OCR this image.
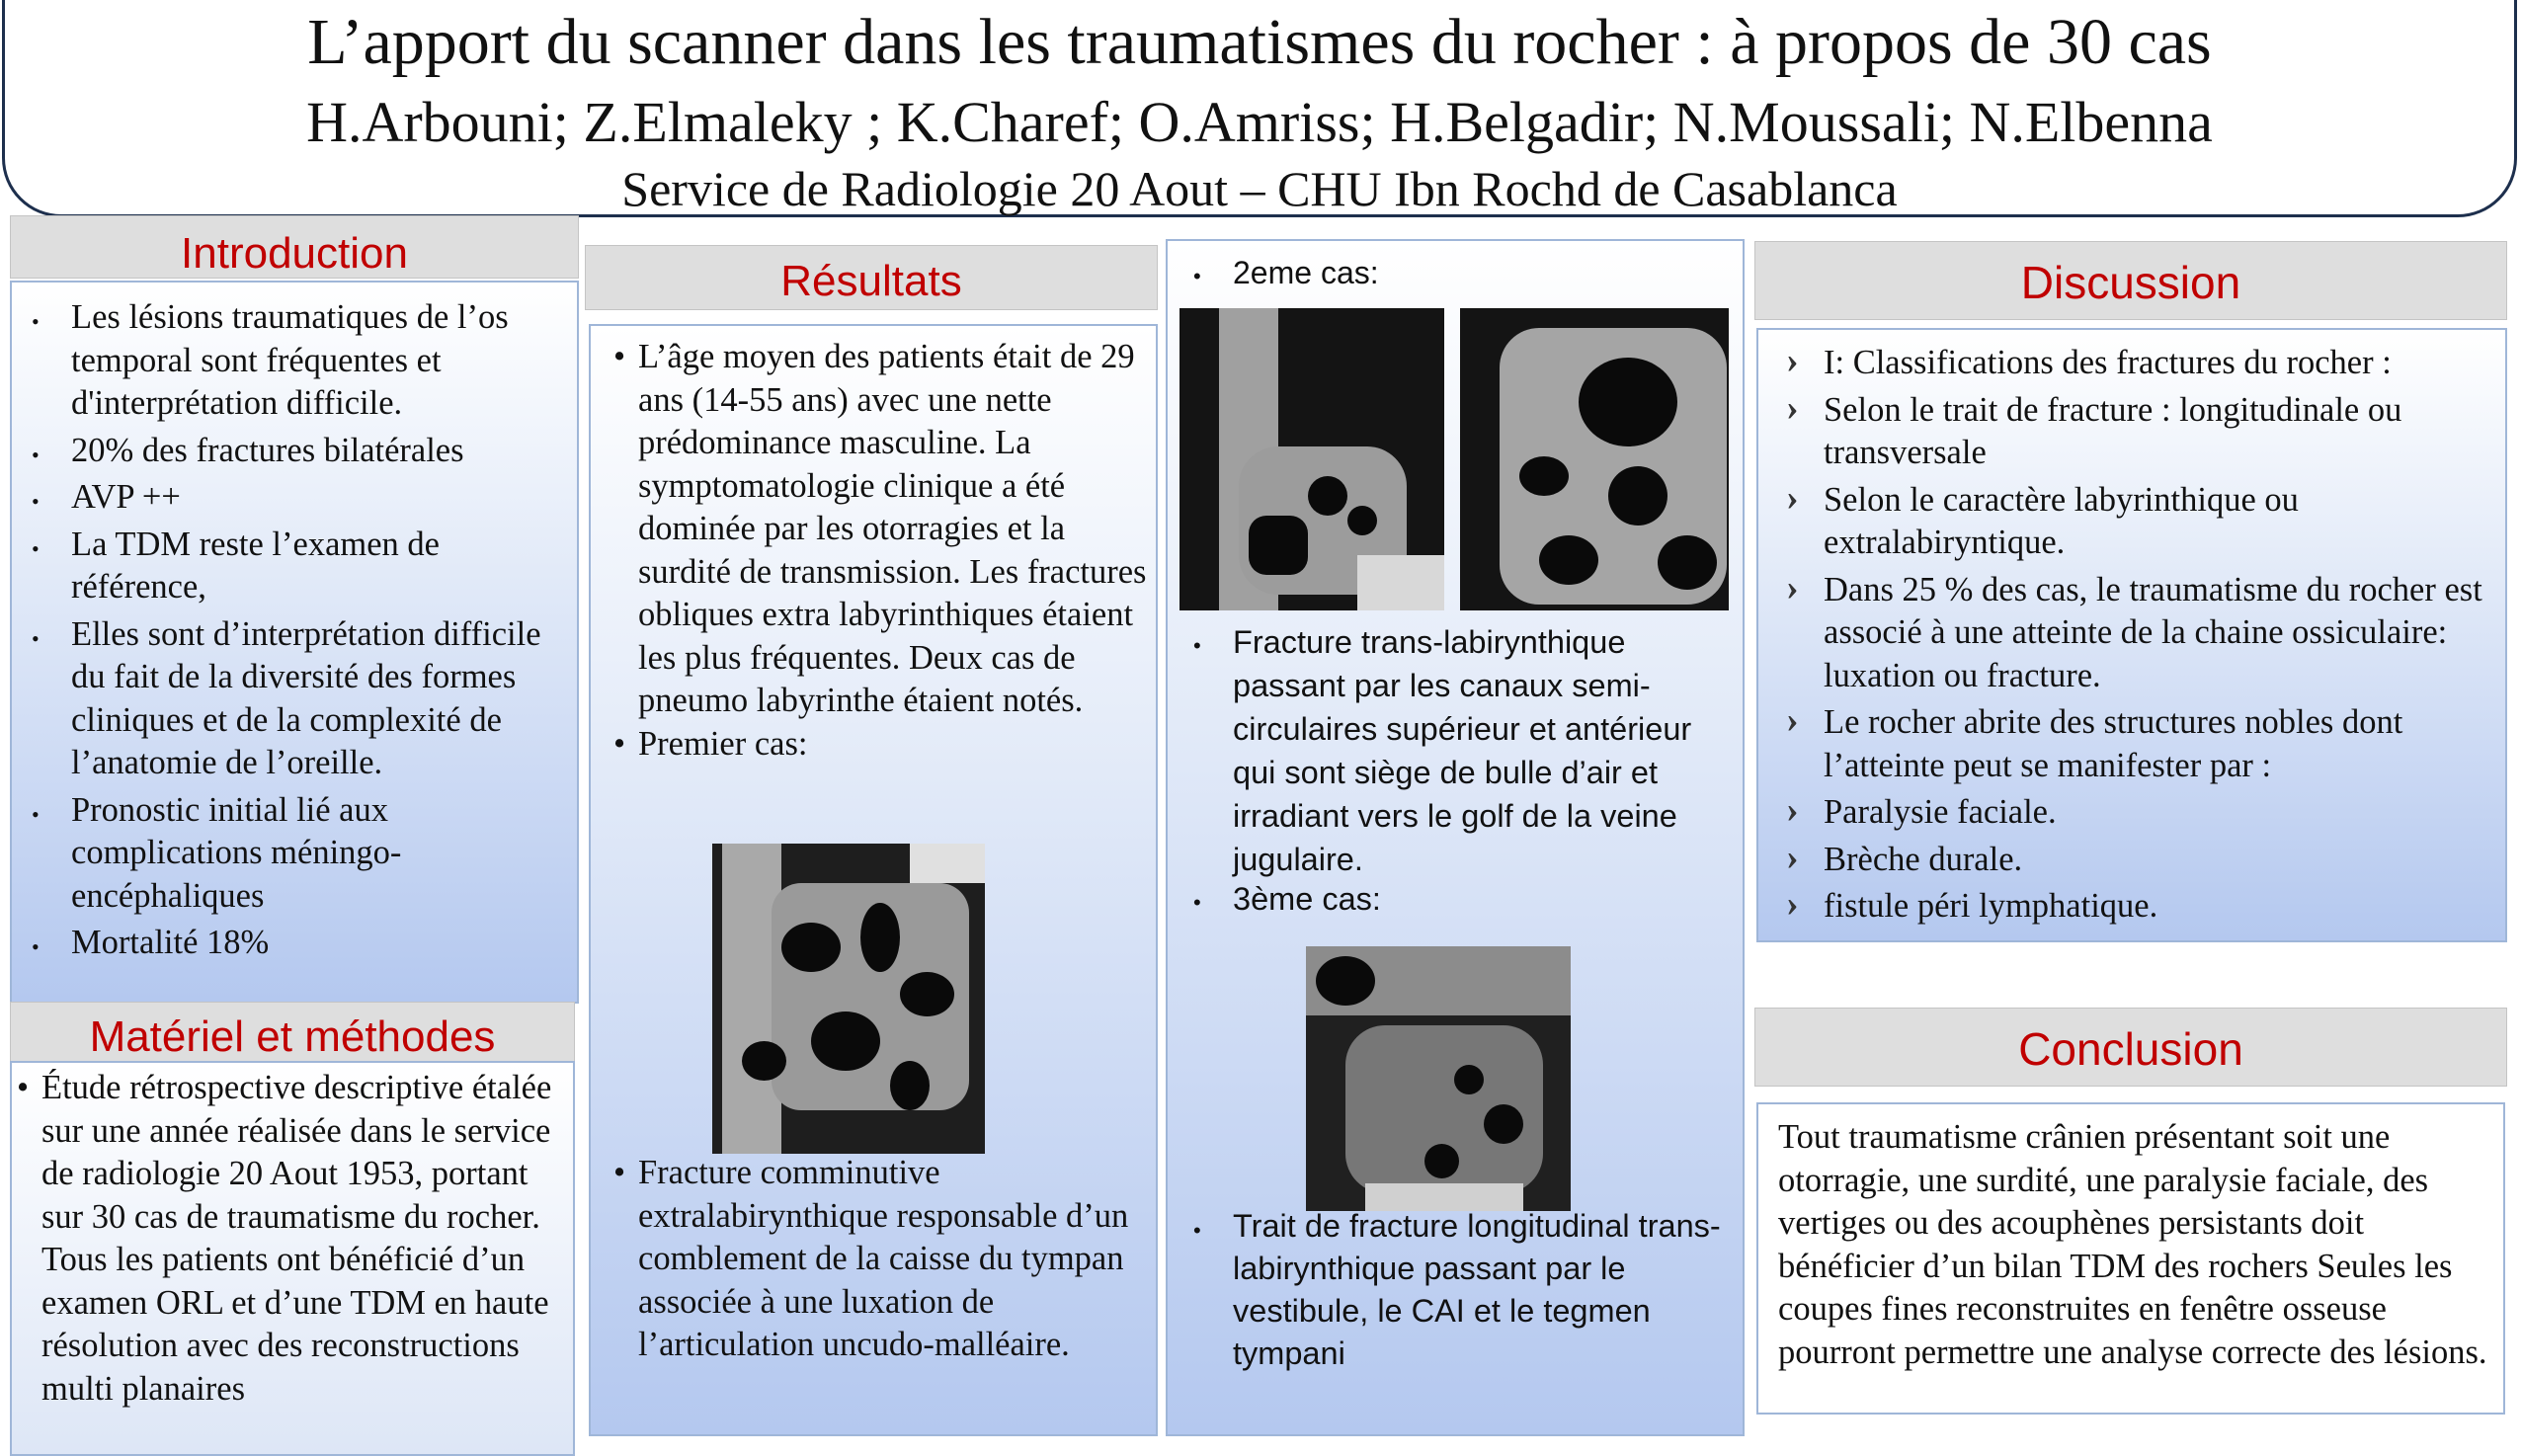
L’apport du scanner dans les traumatismes du rocher : à propos de 30 cas
H.Arbouni; Z.Elmaleky ; K.Charef; O.Amriss; H.Belgadir; N.Moussali; N.Elbenna
Service de Radiologie 20 Aout – CHU Ibn Rochd de Casablanca
Introduction
• Les lésions traumatiques de l’os temporal sont fréquentes et d'interprétation difficile.
• 20% des fractures bilatérales
• AVP ++
• La TDM reste l’examen de référence,
• Elles sont d’interprétation difficile du fait de la diversité des formes cliniques et de la complexité de l’anatomie de l’oreille.
• Pronostic initial lié aux complications méningo-encéphaliques
• Mortalité 18%
Matériel et méthodes
• Étude rétrospective descriptive étalée sur une année réalisée dans le service de radiologie 20 Aout 1953, portant sur 30 cas de traumatisme du rocher. Tous les patients ont bénéficié d’un examen ORL et d’une TDM en haute résolution avec des reconstructions multi planaires
Résultats
• L’âge moyen des patients était de 29 ans (14-55 ans) avec une nette prédominance masculine. La symptomatologie clinique a été dominée par les otorragies et la surdité de transmission. Les fractures obliques extra labyrinthiques étaient les plus fréquentes. Deux cas de pneumo labyrinthe étaient notés.
• Premier cas:
• Fracture comminutive extralabirynthique responsable d’un comblement de la caisse du tympan associée à une luxation de l’articulation uncudo-malléaire.
• 2eme cas:
• Fracture trans-labirynthique passant par les canaux semi-circulaires supérieur et antérieur qui sont siège de bulle d’air et irradiant vers le golf de la veine jugulaire.
• 3ème cas:
• Trait de fracture longitudinal trans-labirynthique passant par le vestibule, le CAI et le tegmen tympani
Discussion
› I: Classifications des fractures du rocher :
› Selon le trait de fracture : longitudinale ou transversale
› Selon le caractère labyrinthique ou extralabiryntique.
› Dans 25 % des cas, le traumatisme du rocher est associé à une atteinte de la chaine ossiculaire: luxation ou fracture.
› Le rocher abrite des structures nobles dont l’atteinte peut se manifester par :
› Paralysie faciale.
› Brèche durale.
› fistule péri lymphatique.
Conclusion
Tout traumatisme crânien présentant soit une otorragie, une surdité, une paralysie faciale, des vertiges ou des acouphènes persistants doit bénéficier d’un bilan TDM des rochers Seules les coupes fines reconstruites en fenêtre osseuse pourront permettre une analyse correcte des lésions.
